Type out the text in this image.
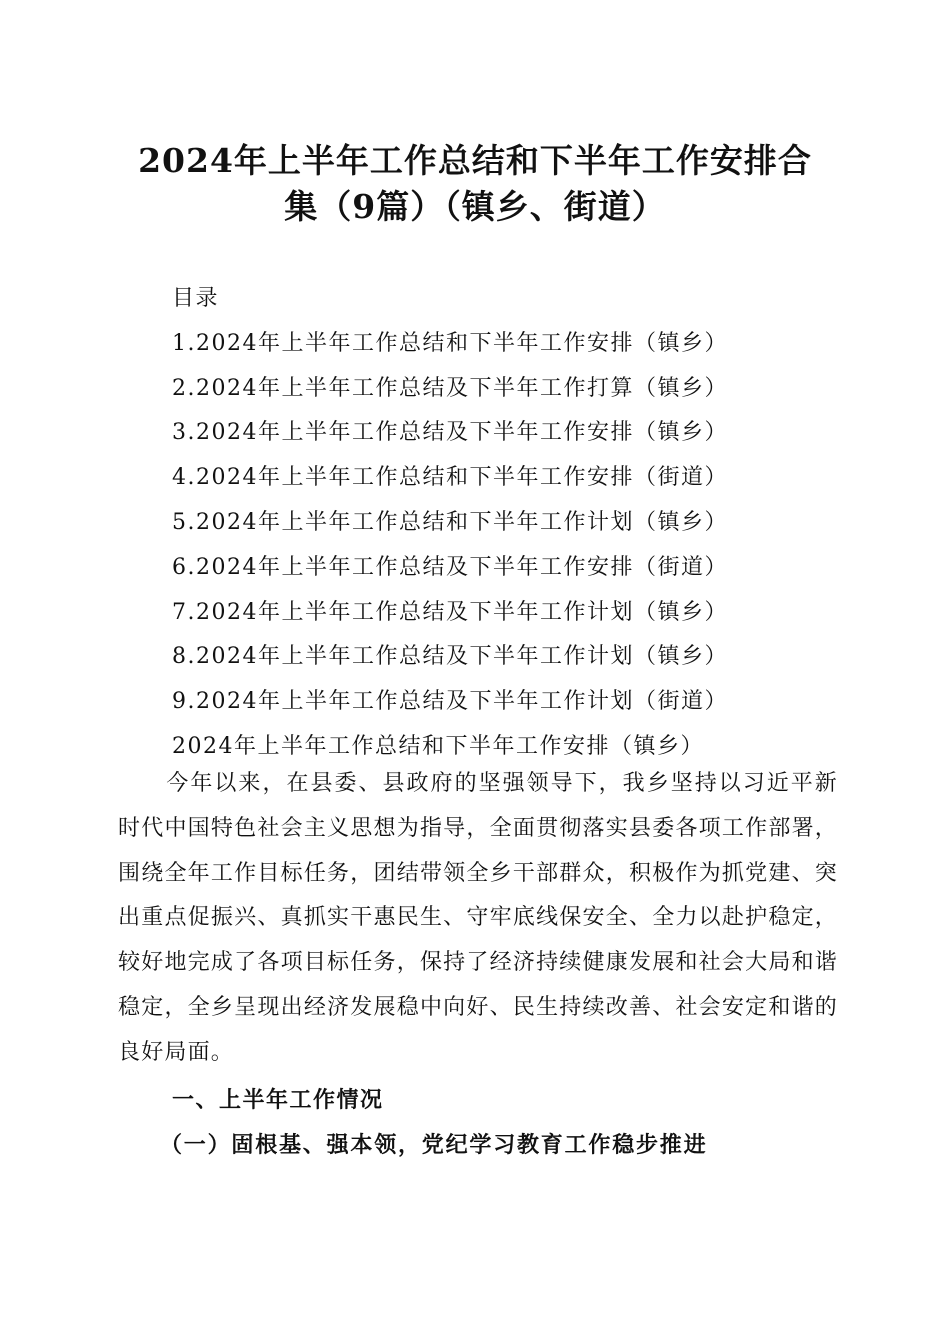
2024年上半年工作总结和下半年工作安排合
集（9篇）（镇乡、街道）
目录
1.2024年上半年工作总结和下半年工作安排（镇乡）
2.2024年上半年工作总结及下半年工作打算（镇乡）
3.2024年上半年工作总结及下半年工作安排（镇乡）
4.2024年上半年工作总结和下半年工作安排（街道）
5.2024年上半年工作总结和下半年工作计划（镇乡）
6.2024年上半年工作总结及下半年工作安排（街道）
7.2024年上半年工作总结及下半年工作计划（镇乡）
8.2024年上半年工作总结及下半年工作计划（镇乡）
9.2024年上半年工作总结及下半年工作计划（街道）
2024年上半年工作总结和下半年工作安排（镇乡）

今年以来，在县委、县政府的坚强领导下，我乡坚持以习近平新时代中国特色社会主义思想为指导，全面贯彻落实县委各项工作部署，围绕全年工作目标任务，团结带领全乡干部群众，积极作为抓党建、突出重点促振兴、真抓实干惠民生、守牢底线保安全、全力以赴护稳定，较好地完成了各项目标任务，保持了经济持续健康发展和社会大局和谐稳定，全乡呈现出经济发展稳中向好、民生持续改善、社会安定和谐的良好局面。

一、上半年工作情况
（一）固根基、强本领，党纪学习教育工作稳步推进
